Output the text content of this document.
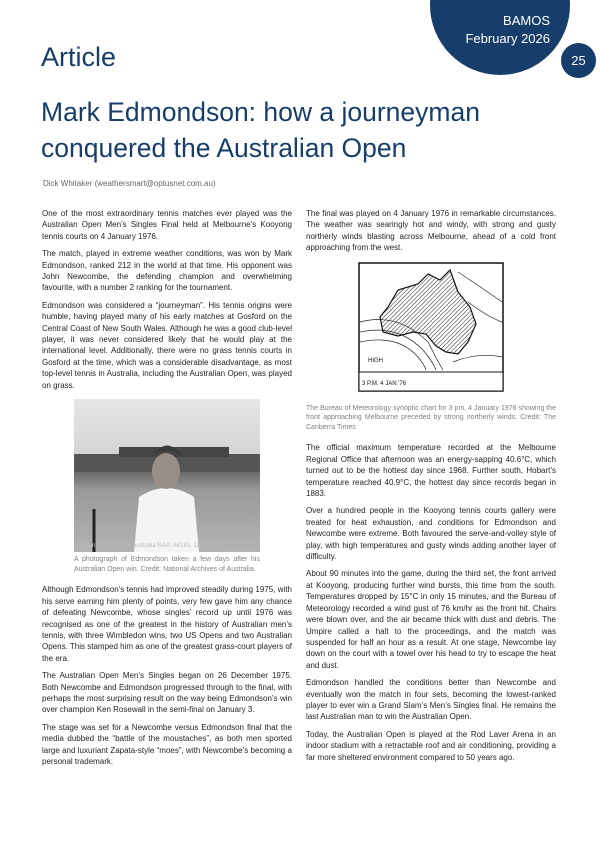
BAMOS
February 2026
25
Article
Mark Edmondson: how a journeyman conquered the Australian Open
Dick Whitaker (weathersmart@optusnet.com.au)

One of the most extraordinary tennis matches ever played was the Australian Open Men’s Singles Final held at Melbourne’s Kooyong tennis courts on 4 January 1976.

The match, played in extreme weather conditions, was won by Mark Edmondson, ranked 212 in the world at that time. His opponent was John Newcombe, the defending champion and overwhelming favourite, with a number 2 ranking for the tournament.

Edmondson was considered a “journeyman”. His tennis origins were humble, having played many of his early matches at Gosford on the Central Coast of New South Wales. Although he was a good club-level player, it was never considered likely that he would play at the international level. Additionally, there were no grass tennis courts in Gosford at the time, which was a considerable disadvantage, as most top-level tennis in Australia, including the Australian Open, was played on grass.

National Archives of Australia NAA: A6180, 13/1/76/8
A photograph of Edmondson taken a few days after his Australian Open win. Credit: National Archives of Australia.

Although Edmondson’s tennis had improved steadily during 1975, with his serve earning him plenty of points, very few gave him any chance of defeating Newcombe, whose singles’ record up until 1976 was recognised as one of the greatest in the history of Australian men’s tennis, with three Wimbledon wins, two US Opens and two Australian Opens. This stamped him as one of the greatest grass-court players of the era.

The Australian Open Men’s Singles began on 26 December 1975. Both Newcombe and Edmondson progressed through to the final, with perhaps the most surprising result on the way being Edmondson’s win over champion Ken Rosewall in the semi-final on January 3.

The stage was set for a Newcombe versus Edmondson final that the media dubbed the “battle of the moustaches”, as both men sported large and luxuriant Zapata-style “moes”, with Newcombe’s becoming a personal trademark.

The final was played on 4 January 1976 in remarkable circumstances. The weather was searingly hot and windy, with strong and gusty northerly winds blasting across Melbourne, ahead of a cold front approaching from the west.

HIGH
3 P.M. 4 JAN '76
The Bureau of Meteorology synoptic chart for 3 pm, 4 January 1976 showing the front approaching Melbourne preceded by strong northerly winds. Credit: The Canberra Times

The official maximum temperature recorded at the Melbourne Regional Office that afternoon was an energy-sapping 40.6°C, which turned out to be the hottest day since 1968. Further south, Hobart’s temperature reached 40.9°C, the hottest day since records began in 1883.

Over a hundred people in the Kooyong tennis courts gallery were treated for heat exhaustion, and conditions for Edmondson and Newcombe were extreme. Both favoured the serve-and-volley style of play, with high temperatures and gusty winds adding another layer of difficulty.

About 90 minutes into the game, during the third set, the front arrived at Kooyong, producing further wind bursts, this time from the south. Temperatures dropped by 15°C in only 15 minutes, and the Bureau of Meteorology recorded a wind gust of 76 km/hr as the front hit. Chairs were blown over, and the air became thick with dust and debris. The Umpire called a halt to the proceedings, and the match was suspended for half an hour as a result. At one stage, Newcombe lay down on the court with a towel over his head to try to escape the heat and dust.

Edmondson handled the conditions better than Newcombe and eventually won the match in four sets, becoming the lowest-ranked player to ever win a Grand Slam’s Men’s Singles final. He remains the last Australian man to win the Australian Open.

Today, the Australian Open is played at the Rod Laver Arena in an indoor stadium with a retractable roof and air conditioning, providing a far more sheltered environment compared to 50 years ago.
